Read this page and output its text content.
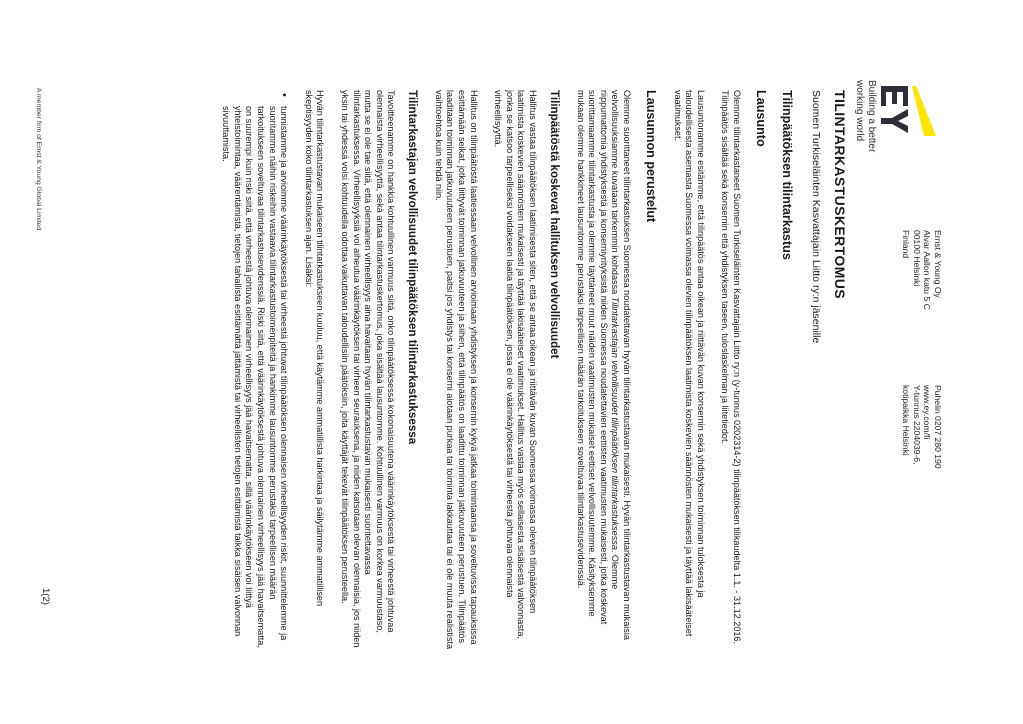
Building a better
working world
Ernst & Young Oy
Alvar Aallon katu 5 C
00100 Helsinki
Finland
Puhelin 0207 280 190
www.ey.com/fi
Y-tunnus 2204039-6,
kotipaikka Helsinki
TILINTARKASTUSKERTOMUS
Suomen Turkiseläinten Kasvattajain Liitto ry:n jäsenille
Tilinpäätöksen tilintarkastus
Lausunto

Olemme tilintarkastaneet Suomen Turkiseläinten Kasvattajain Liitto ry:n (y-tunnus 0202314-2) tilinpäätöksen tilikaudelta 1.1. - 31.12.2016. Tilinpäätös sisältää sekä konsernin että yhdistyksen taseen, tuloslaskelman ja liitetiedot.

Lausuntonamme esitämme, että tilinpäätös antaa oikean ja riittävän kuvan konsernin sekä yhdistyksen toiminnan tuloksesta ja taloudellisesta asemasta Suomessa voimassa olevien tilinpäätöksen laatimista koskevien säännösten mukaisesti ja täyttää lakisääteiset vaatimukset.

Lausunnon perustelut

Olemme suorittaneet tilintarkastuksen Suomessa noudatettavan hyvän tilintarkastustavan mukaisesti. Hyvän tilintarkastustavan mukaisia velvollisuuksiamme kuvataan tarkemmin kohdassa Tilintarkastajan velvollisuudet tilinpäätöksen tilintarkastuksessa. Olemme riippumattomia yhdistyksestä ja konserniyrityksistä niiden Suomessa noudatettavien eettisten vaatimusten mukaisesti, jotka koskevat suorittamaamme tilintarkastusta ja olemme täyttäneet muut näiden vaatimusten mukaiset eettiset velvollisuutemme. Käsityksemme mukaan olemme hankkineet lausuntomme perustaksi tarpeellisen määrän tarkoitukseen soveltuvaa tilintarkastusevidenssiä.

Tilinpäätöstä koskevat hallituksen velvollisuudet

Hallitus vastaa tilinpäätöksen laatimisesta siten, että se antaa oikean ja riittävän kuvan Suomessa voimassa olevien tilinpäätöksen laatimista koskevien säännösten mukaisesti ja täyttää lakisääteiset vaatimukset. Hallitus vastaa myös sellaisesta sisäisestä valvonnasta, jonka se katsoo tarpeelliseksi voidakseen laatia tilinpäätöksen, jossa ei ole väärinkäytöksestä tai virheestä johtuvaa olennaista virheellisyyttä.

Hallitus on tilinpäätöstä laatiessaan velvollinen arvioimaan yhdistyksen ja konsernin kykyä jatkaa toimintaansa ja soveltuvissa tapauksissa esittämään seikat, jotka liittyvät toiminnan jatkuvuuteen ja siihen, että tilinpäätös on laadittu toiminnan jatkuvuuteen perustuen. Tilinpäätös laaditaan toiminnan jatkuvuuteen perustuen, paitsi jos yhdistys tai konserni aiotaan purkaa tai toiminta lakkauttaa tai ei ole muuta realistista vaihtoehtoa kuin tehdä niin.

Tilintarkastajan velvollisuudet tilinpäätöksen tilintarkastuksessa

Tavoitteenamme on hankkia kohtuullinen varmuus siitä, onko tilinpäätöksessä kokonaisuutena väärinkäytöksestä tai virheestä johtuvaa olennaista virheellisyyttä, sekä antaa tilintarkastuskertomus, joka sisältää lausuntomme. Kohtuullinen varmuus on korkea varmuustaso, mutta se ei ole tae siitä, että olennainen virheellisyys aina havaitaan hyvän tilintarkastustavan mukaisesti suoritettavassa tilintarkastuksessa. Virheellisyyksiä voi aiheutua väärinkäytöksen tai virheen seurauksena, ja niiden katsotaan olevan olennaisia, jos niiden yksin tai yhdessä voisi kohtuudella odottaa vaikuttavan taloudellisiin päätöksiin, joita käyttäjät tekevät tilinpäätöksen perusteella.

Hyvän tilintarkastustavan mukaiseen tilintarkastukseen kuuluu, että käytämme ammatillista harkintaa ja säilytämme ammatillisen skeptisyyden koko tilintarkastuksen ajan. Lisäksi:

• tunnistamme ja arvioimme väärinkäytöksestä tai virheestä johtuvat tilinpäätöksen olennaisen virheellisyyden riskit, suunnittelemme ja suoritamme näihin riskeihin vastaavia tilintarkastustoimenpiteitä ja hankimme lausuntomme perustaksi tarpeellisen määrän tarkoitukseen soveltuvaa tilintarkastusevidenssiä. Riski siitä, että väärinkäytöksestä johtuva olennainen virheellisyys jää havaitsematta, on suurempi kuin riski siitä, että virheestä johtuva olennainen virheellisyys jää havaitsematta, sillä väärinkäytökseen voi liittyä yhteistoimintaa, väärentämistä, tietojen tahallista esittämättä jättämistä tai virheellisten tietojen esittämistä taikka sisäisen valvonnan sivuuttamista.
1(2)
A member firm of Ernst & Young Global Limited
